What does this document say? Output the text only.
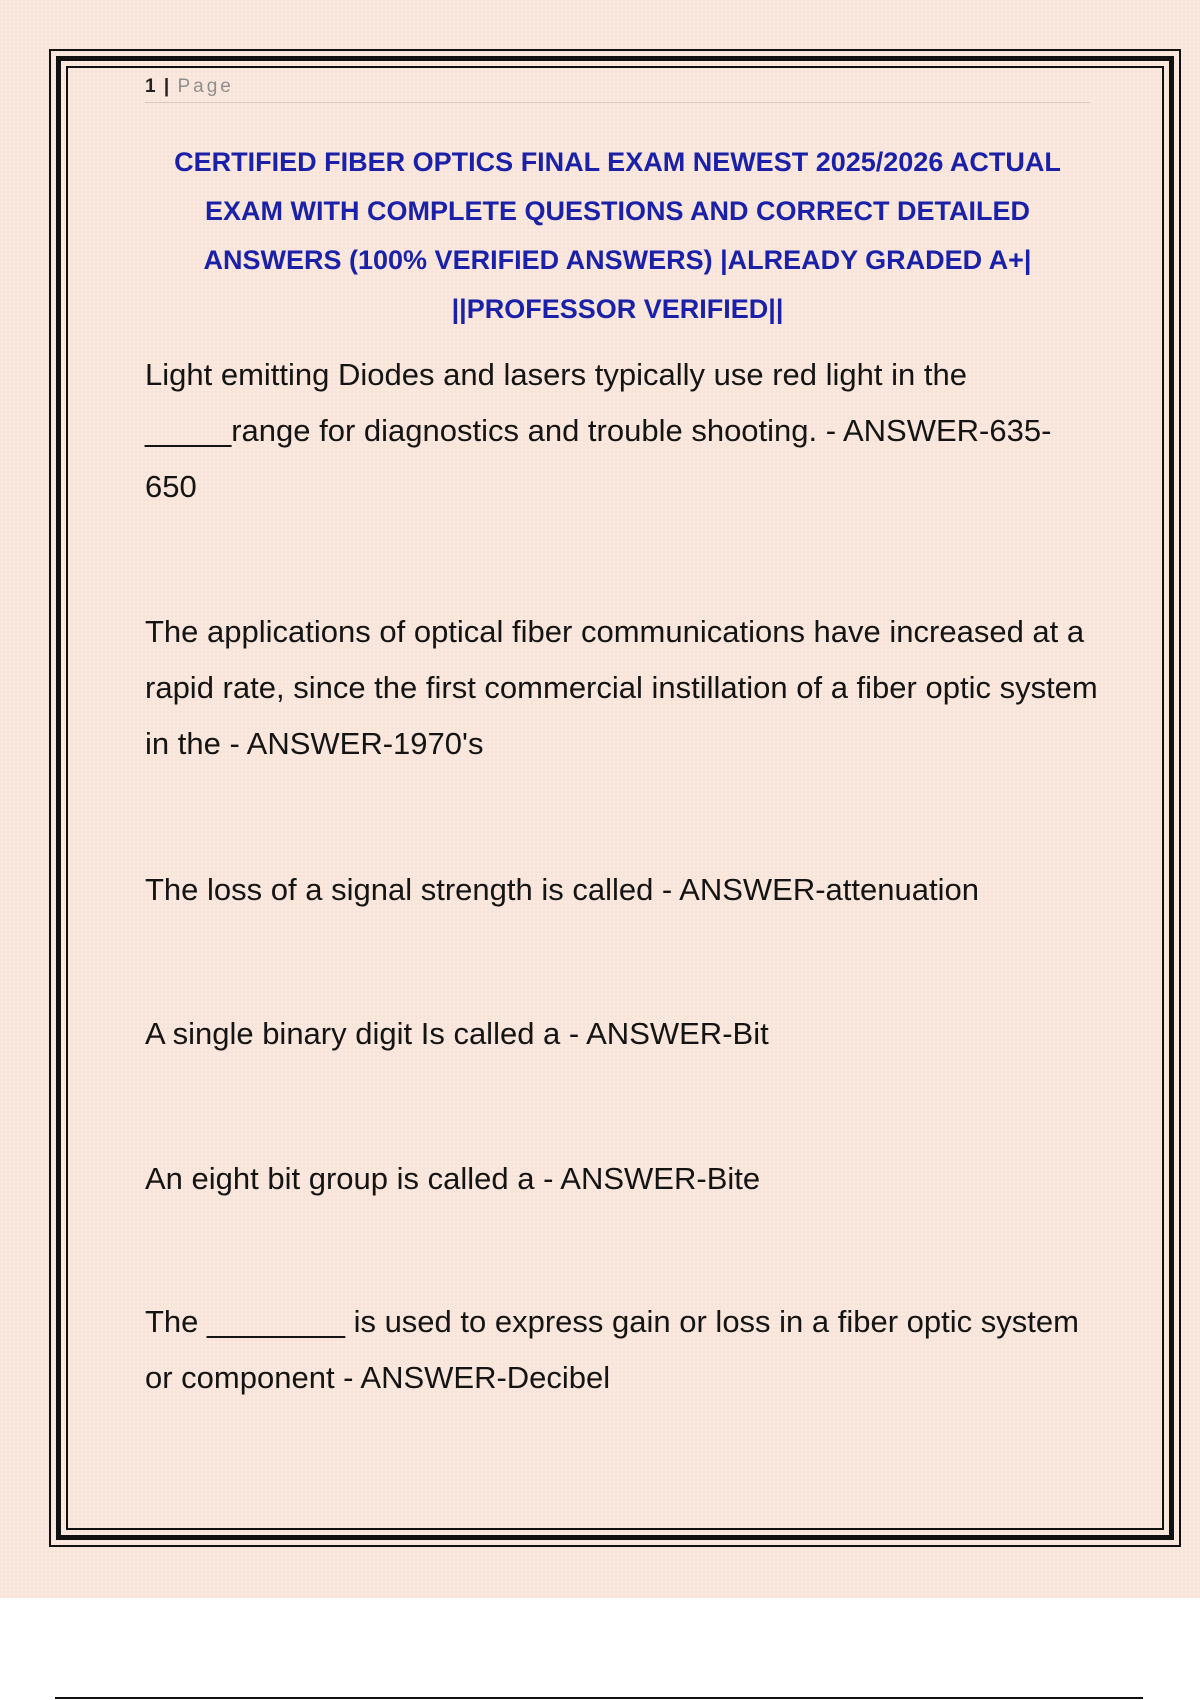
1 | Page
CERTIFIED FIBER OPTICS FINAL EXAM NEWEST 2025/2026 ACTUAL EXAM WITH COMPLETE QUESTIONS AND CORRECT DETAILED ANSWERS (100% VERIFIED ANSWERS) |ALREADY GRADED A+| ||PROFESSOR VERIFIED||
Light emitting Diodes and lasers typically use red light in the _____range for diagnostics and trouble shooting. - ANSWER-635-650
The applications of optical fiber communications have increased at a rapid rate, since the first commercial instillation of a fiber optic system in the - ANSWER-1970's
The loss of a signal strength is called - ANSWER-attenuation
A single binary digit Is called a - ANSWER-Bit
An eight bit group is called a - ANSWER-Bite
The ________ is used to express gain or loss in a fiber optic system or component - ANSWER-Decibel
